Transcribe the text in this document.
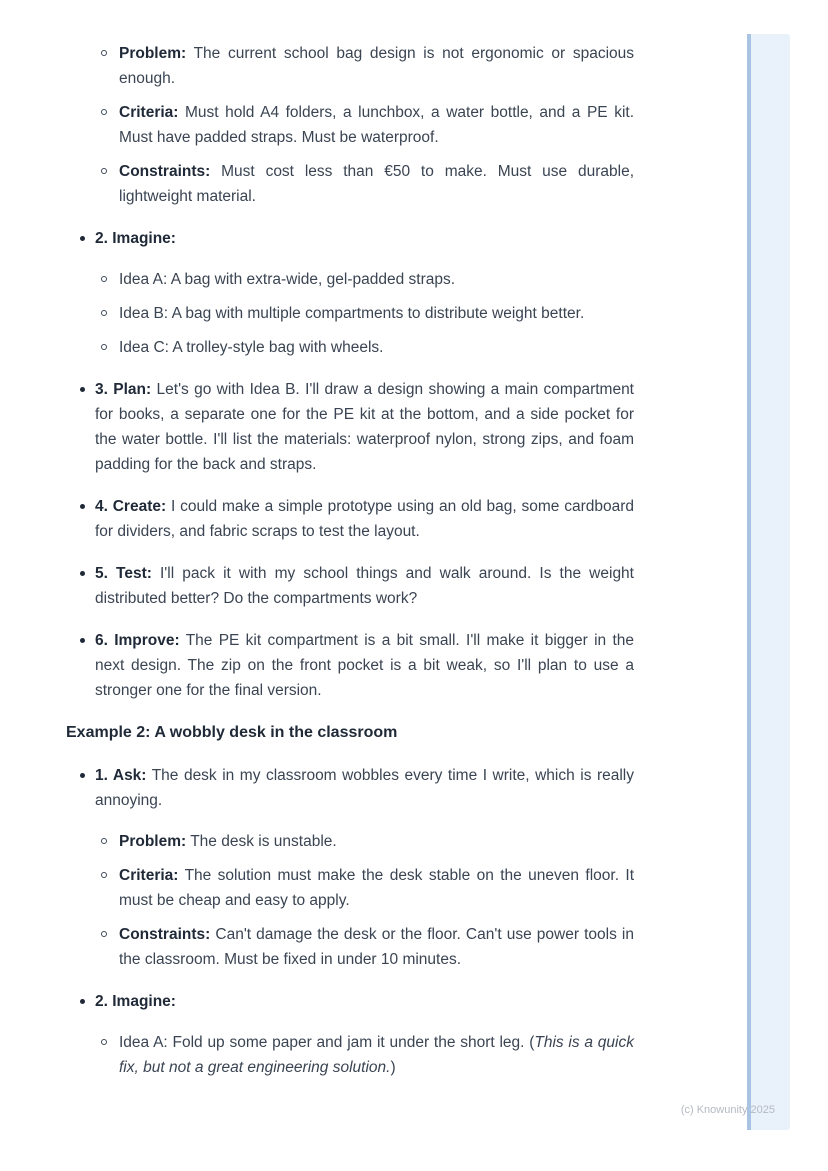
Problem: The current school bag design is not ergonomic or spacious enough.
Criteria: Must hold A4 folders, a lunchbox, a water bottle, and a PE kit. Must have padded straps. Must be waterproof.
Constraints: Must cost less than €50 to make. Must use durable, lightweight material.
2. Imagine:
Idea A: A bag with extra-wide, gel-padded straps.
Idea B: A bag with multiple compartments to distribute weight better.
Idea C: A trolley-style bag with wheels.
3. Plan: Let's go with Idea B. I'll draw a design showing a main compartment for books, a separate one for the PE kit at the bottom, and a side pocket for the water bottle. I'll list the materials: waterproof nylon, strong zips, and foam padding for the back and straps.
4. Create: I could make a simple prototype using an old bag, some cardboard for dividers, and fabric scraps to test the layout.
5. Test: I'll pack it with my school things and walk around. Is the weight distributed better? Do the compartments work?
6. Improve: The PE kit compartment is a bit small. I'll make it bigger in the next design. The zip on the front pocket is a bit weak, so I'll plan to use a stronger one for the final version.
Example 2: A wobbly desk in the classroom
1. Ask: The desk in my classroom wobbles every time I write, which is really annoying.
Problem: The desk is unstable.
Criteria: The solution must make the desk stable on the uneven floor. It must be cheap and easy to apply.
Constraints: Can't damage the desk or the floor. Can't use power tools in the classroom. Must be fixed in under 10 minutes.
2. Imagine:
Idea A: Fold up some paper and jam it under the short leg. (This is a quick fix, but not a great engineering solution.)
(c) Knowunity 2025
